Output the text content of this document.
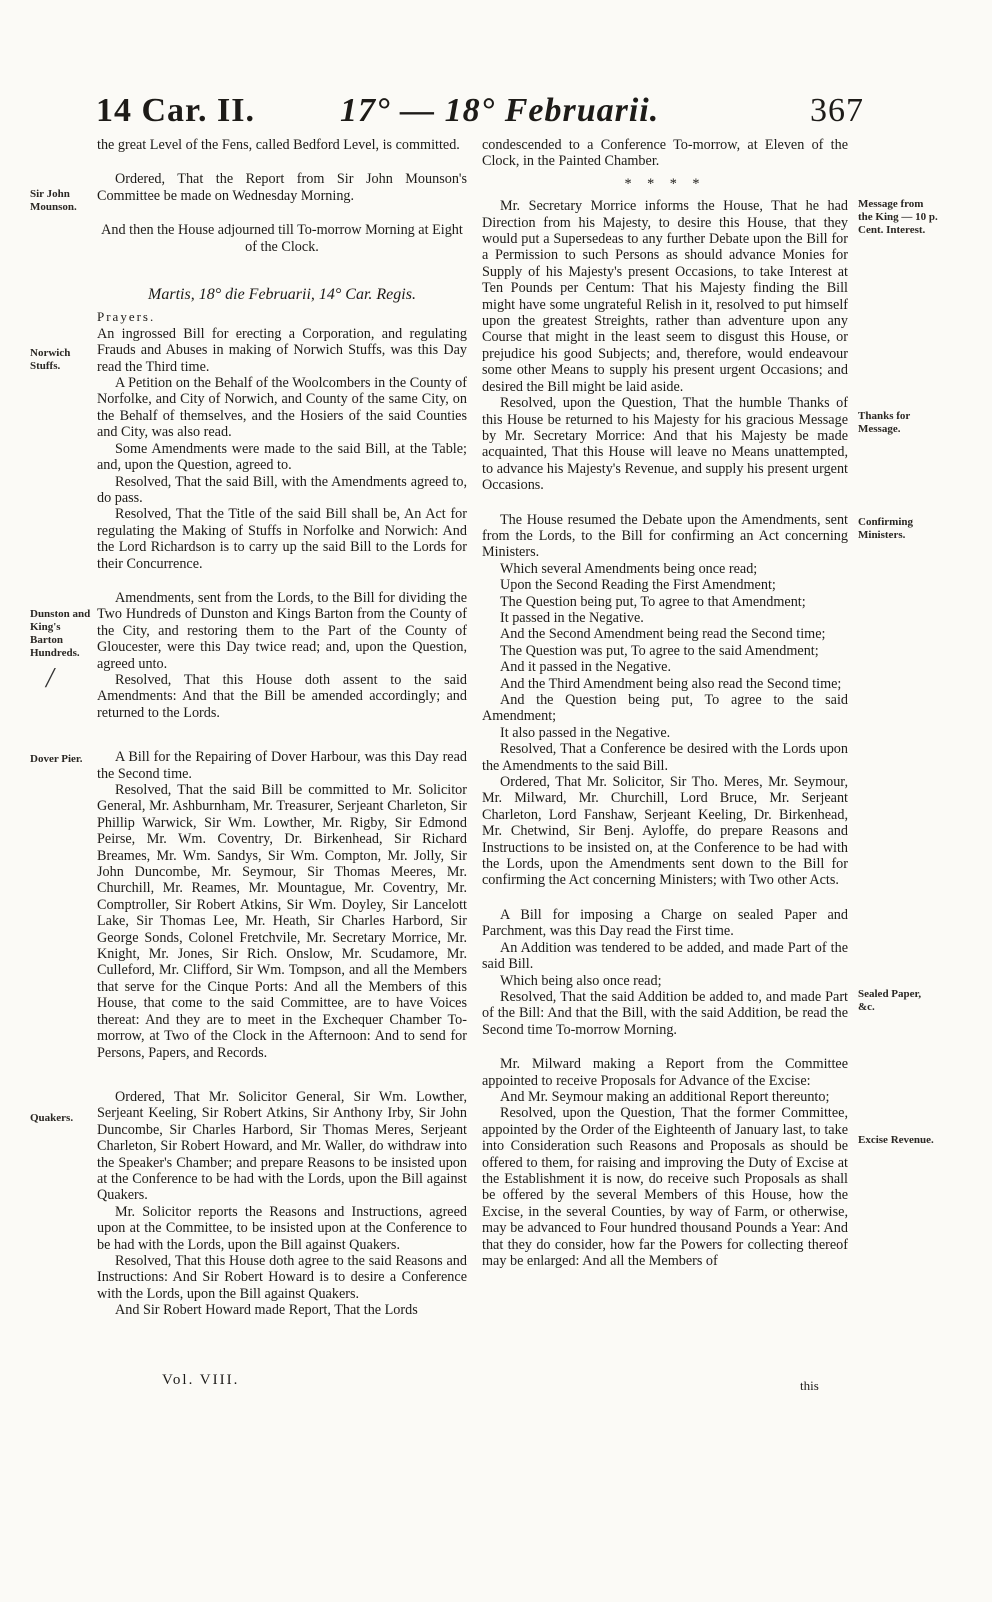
14 Car. II.	17° — 18° Februarii.	367

the great Level of the Fens, called Bedford Level, is committed.

Ordered, That the Report from Sir John Mounson's Committee be made on Wednesday Morning.

And then the House adjourned till To-morrow Morning at Eight of the Clock.

Martis, 18° die Februarii, 14° Car. Regis.

Prayers.

An ingrossed Bill for erecting a Corporation, and regulating Frauds and Abuses in making of Norwich Stuffs, was this Day read the Third time.

A Petition on the Behalf of the Woolcombers in the County of Norfolke, and City of Norwich, and County of the same City, on the Behalf of themselves, and the Hosiers of the said Counties and City, was also read.

Some Amendments were made to the said Bill, at the Table; and, upon the Question, agreed to.

Resolved, That the said Bill, with the Amendments agreed to, do pass.

Resolved, That the Title of the said Bill shall be, An Act for regulating the Making of Stuffs in Norfolke and Norwich: And the Lord Richardson is to carry up the said Bill to the Lords for their Concurrence.

Amendments, sent from the Lords, to the Bill for dividing the Two Hundreds of Dunston and Kings Barton from the County of the City, and restoring them to the Part of the County of Gloucester, were this Day twice read; and, upon the Question, agreed unto.

Resolved, That this House doth assent to the said Amendments: And that the Bill be amended accordingly; and returned to the Lords.

A Bill for the Repairing of Dover Harbour, was this Day read the Second time.

Resolved, That the said Bill be committed to Mr. Solicitor General, Mr. Ashburnham, Mr. Treasurer, Serjeant Charleton, Sir Phillip Warwick, Sir Wm. Lowther, Mr. Rigby, Sir Edmond Peirse, Mr. Wm. Coventry, Dr. Birkenhead, Sir Richard Breames, Mr. Wm. Sandys, Sir Wm. Compton, Mr. Jolly, Sir John Duncombe, Mr. Seymour, Sir Thomas Meeres, Mr. Churchill, Mr. Reames, Mr. Mountague, Mr. Coventry, Mr. Comptroller, Sir Robert Atkins, Sir Wm. Doyley, Sir Lancelott Lake, Sir Thomas Lee, Mr. Heath, Sir Charles Harbord, Sir George Sonds, Colonel Fretchvile, Mr. Secretary Morrice, Mr. Knight, Mr. Jones, Sir Rich. Onslow, Mr. Scudamore, Mr. Culleford, Mr. Clifford, Sir Wm. Tompson, and all the Members that serve for the Cinque Ports: And all the Members of this House, that come to the said Committee, are to have Voices thereat: And they are to meet in the Exchequer Chamber To-morrow, at Two of the Clock in the Afternoon: And to send for Persons, Papers, and Records.

Ordered, That Mr. Solicitor General, Sir Wm. Lowther, Serjeant Keeling, Sir Robert Atkins, Sir Anthony Irby, Sir John Duncombe, Sir Charles Harbord, Sir Thomas Meres, Serjeant Charleton, Sir Robert Howard, and Mr. Waller, do withdraw into the Speaker's Chamber; and prepare Reasons to be insisted upon at the Conference to be had with the Lords, upon the Bill against Quakers.

Mr. Solicitor reports the Reasons and Instructions, agreed upon at the Committee, to be insisted upon at the Conference to be had with the Lords, upon the Bill against Quakers.

Resolved, That this House doth agree to the said Reasons and Instructions: And Sir Robert Howard is to desire a Conference with the Lords, upon the Bill against Quakers.

And Sir Robert Howard made Report, That the Lords

condescended to a Conference To-morrow, at Eleven of the Clock, in the Painted Chamber.

* * * *

Mr. Secretary Morrice informs the House, That he had Direction from his Majesty, to desire this House, that they would put a Supersedeas to any further Debate upon the Bill for a Permission to such Persons as should advance Monies for Supply of his Majesty's present Occasions, to take Interest at Ten Pounds per Centum: That his Majesty finding the Bill might have some ungrateful Relish in it, resolved to put himself upon the greatest Streights, rather than adventure upon any Course that might in the least seem to disgust this House, or prejudice his good Subjects; and, therefore, would endeavour some other Means to supply his present urgent Occasions; and desired the Bill might be laid aside.

Resolved, upon the Question, That the humble Thanks of this House be returned to his Majesty for his gracious Message by Mr. Secretary Morrice: And that his Majesty be made acquainted, That this House will leave no Means unattempted, to advance his Majesty's Revenue, and supply his present urgent Occasions.

The House resumed the Debate upon the Amendments, sent from the Lords, to the Bill for confirming an Act concerning Ministers.

Which several Amendments being once read;

Upon the Second Reading the First Amendment;

The Question being put, To agree to that Amendment;

It passed in the Negative.

And the Second Amendment being read the Second time;

The Question was put, To agree to the said Amendment;

And it passed in the Negative.

And the Third Amendment being also read the Second time;

And the Question being put, To agree to the said Amendment;

It also passed in the Negative.

Resolved, That a Conference be desired with the Lords upon the Amendments to the said Bill.

Ordered, That Mr. Solicitor, Sir Tho. Meres, Mr. Seymour, Mr. Milward, Mr. Churchill, Lord Bruce, Mr. Serjeant Charleton, Lord Fanshaw, Serjeant Keeling, Dr. Birkenhead, Mr. Chetwind, Sir Benj. Ayloffe, do prepare Reasons and Instructions to be insisted on, at the Conference to be had with the Lords, upon the Amendments sent down to the Bill for confirming the Act concerning Ministers; with Two other Acts.

A Bill for imposing a Charge on sealed Paper and Parchment, was this Day read the First time.

An Addition was tendered to be added, and made Part of the said Bill.

Which being also once read;

Resolved, That the said Addition be added to, and made Part of the Bill: And that the Bill, with the said Addition, be read the Second time To-morrow Morning.

Mr. Milward making a Report from the Committee appointed to receive Proposals for Advance of the Excise:

And Mr. Seymour making an additional Report thereunto;

Resolved, upon the Question, That the former Committee, appointed by the Order of the Eighteenth of January last, to take into Consideration such Reasons and Proposals as should be offered to them, for raising and improving the Duty of Excise at the Establishment it is now, do receive such Proposals as shall be offered by the several Members of this House, how the Excise, in the several Counties, by way of Farm, or otherwise, may be advanced to Four hundred thousand Pounds a Year: And that they do consider, how far the Powers for collecting thereof may be enlarged: And all the Members of

Sir John Mounson.
Norwich Stuffs.
Dunston and King's Barton Hundreds.
/
Dover Pier.
Quakers.
Message from the King — 10 p. Cent. Interest.
Thanks for Message.
Confirming Ministers.
Sealed Paper, &c.
Excise Revenue.
Vol. VIII.	this
